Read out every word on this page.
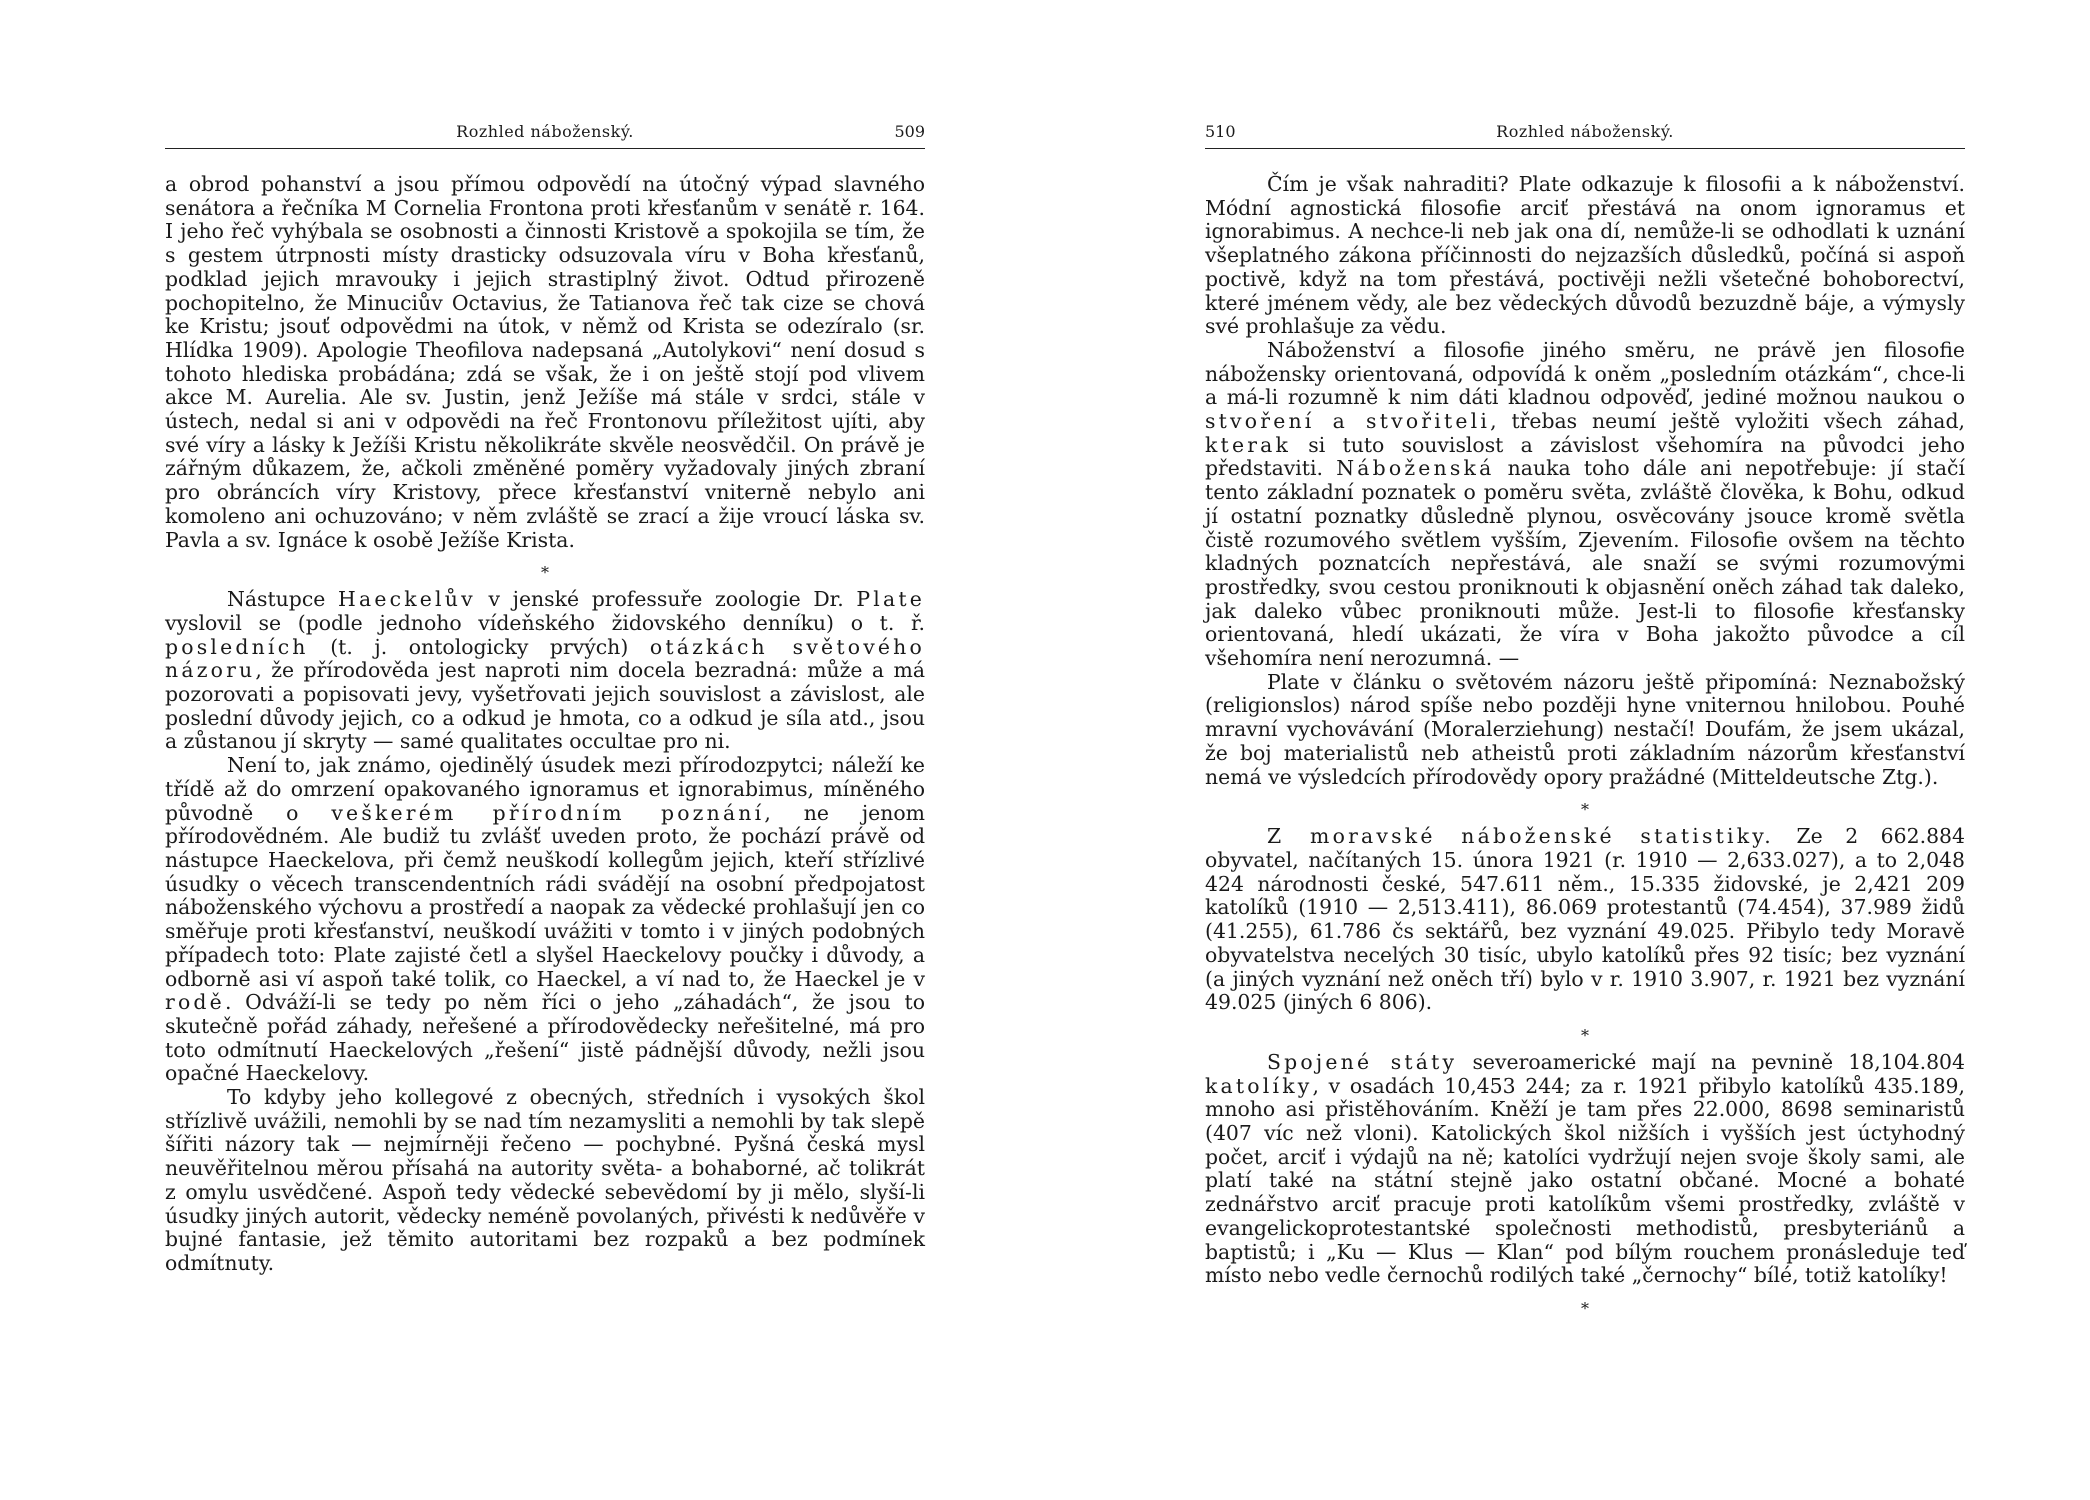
Rozhled náboženský.	509

a obrod pohanství a jsou přímou odpovědí na útočný výpad slavného senátora a řečníka M Cornelia Frontona proti křesťanům v senátě r. 164. I jeho řeč vyhýbala se osobnosti a činnosti Kristově a spokojila se tím, že s gestem útrpnosti místy drasticky odsuzovala víru v Boha křesťanů, podklad jejich mravouky i jejich strastiplný život. Odtud přirozeně pochopitelno, že Minuciův Octavius, že Tatianova řeč tak cize se chová ke Kristu; jsouť odpovědmi na útok, v němž od Krista se odezíralo (sr. Hlídka 1909). Apologie Theofilova nadepsaná „Autolykovi“ není dosud s tohoto hlediska probádána; zdá se však, že i on ještě stojí pod vlivem akce M. Aurelia. Ale sv. Justin, jenž Ježíše má stále v srdci, stále v ústech, nedal si ani v odpovědi na řeč Frontonovu příležitost ujíti, aby své víry a lásky k Ježíši Kristu několikráte skvěle neosvědčil. On právě je zářným důkazem, že, ačkoli změněné poměry vyžadovaly jiných zbraní pro obráncích víry Kristovy, přece křesťanství vniterně nebylo ani komoleno ani ochuzováno; v něm zvláště se zrací a žije vroucí láska sv. Pavla a sv. Ignáce k osobě Ježíše Krista.

*

Nástupce Haeckelův v jenské professuře zoologie Dr. Plate vyslovil se (podle jednoho vídeňského židovského denníku) o t. ř. posledních (t. j. ontologicky prvých) otázkách světového názoru, že přírodověda jest naproti nim docela bezradná: může a má pozorovati a popisovati jevy, vyšetřovati jejich souvislost a závislost, ale poslední důvody jejich, co a odkud je hmota, co a odkud je síla atd., jsou a zůstanou jí skryty — samé qualitates occultae pro ni.

Není to, jak známo, ojedinělý úsudek mezi přírodozpytci; náleží ke třídě až do omrzení opakovaného ignoramus et ignorabimus, míněného původně o veškerém přírodním poznání, ne jenom přírodovědném. Ale budiž tu zvlášť uveden proto, že pochází právě od nástupce Haeckelova, při čemž neuškodí kollegům jejich, kteří střízlivé úsudky o věcech transcendentních rádi svádějí na osobní předpojatost náboženského výchovu a prostředí a naopak za vědecké prohlašují jen co směřuje proti křesťanství, neuškodí uvážiti v tomto i v jiných podobných případech toto: Plate zajisté četl a slyšel Haeckelovy poučky i důvody, a odborně asi ví aspoň také tolik, co Haeckel, a ví nad to, že Haeckel je v rodě. Odváží-li se tedy po něm říci o jeho „záhadách“, že jsou to skutečně pořád záhady, neřešené a přírodovědecky neřešitelné, má pro toto odmítnutí Haeckelových „řešení“ jistě pádnější důvody, nežli jsou opačné Haeckelovy.

To kdyby jeho kollegové z obecných, středních i vysokých škol střízlivě uvážili, nemohli by se nad tím nezamysliti a nemohli by tak slepě šířiti názory tak — nejmírněji řečeno — pochybné. Pyšná česká mysl neuvěřitelnou měrou přísahá na autority světa- a bohaborné, ač tolikrát z omylu usvědčené. Aspoň tedy vědecké sebevědomí by ji mělo, slyší-li úsudky jiných autorit, vědecky neméně povolaných, přivésti k nedůvěře v bujné fantasie, jež těmito autoritami bez rozpaků a bez podmínek odmítnuty.

510	Rozhled náboženský.

Čím je však nahraditi? Plate odkazuje k filosofii a k náboženství. Módní agnostická filosofie arciť přestává na onom ignoramus et ignorabimus. A nechce-li neb jak ona dí, nemůže-li se odhodlati k uznání všeplatného zákona příčinnosti do nejzazších důsledků, počíná si aspoň poctivě, když na tom přestává, poctivěji nežli všetečné bohoborectví, které jménem vědy, ale bez vědeckých důvodů bezuzdně báje, a výmysly své prohlašuje za vědu.

Náboženství a filosofie jiného směru, ne právě jen filosofie nábožensky orientovaná, odpovídá k oněm „posledním otázkám“, chce-li a má-li rozumně k nim dáti kladnou odpověď, jediné možnou naukou o stvoření a stvořiteli, třebas neumí ještě vyložiti všech záhad, kterak si tuto souvislost a závislost všehomíra na původci jeho představiti. Náboženská nauka toho dále ani nepotřebuje: jí stačí tento základní poznatek o poměru světa, zvláště člověka, k Bohu, odkud jí ostatní poznatky důsledně plynou, osvěcovány jsouce kromě světla čistě rozumového světlem vyšším, Zjevením. Filosofie ovšem na těchto kladných poznatcích nepřestává, ale snaží se svými rozumovými prostředky, svou cestou proniknouti k objasnění oněch záhad tak daleko, jak daleko vůbec proniknouti může. Jest-li to filosofie křesťansky orientovaná, hledí ukázati, že víra v Boha jakožto původce a cíl všehomíra není nerozumná. —

Plate v článku o světovém názoru ještě připomíná: Neznabožský (religionslos) národ spíše nebo později hyne vniternou hnilobou. Pouhé mravní vychovávání (Moralerziehung) nestačí! Doufám, že jsem ukázal, že boj materialistů neb atheistů proti základním názorům křesťanství nemá ve výsledcích přírodovědy opory pražádné (Mitteldeutsche Ztg.).

*

Z moravské náboženské statistiky. Ze 2 662.884 obyvatel, načítaných 15. února 1921 (r. 1910 — 2,633.027), a to 2,048 424 národnosti české, 547.611 něm., 15.335 židovské, je 2,421 209 katolíků (1910 — 2,513.411), 86.069 protestantů (74.454), 37.989 židů (41.255), 61.786 čs sektářů, bez vyznání 49.025. Přibylo tedy Moravě obyvatelstva necelých 30 tisíc, ubylo katolíků přes 92 tisíc; bez vyznání (a jiných vyznání než oněch tří) bylo v r. 1910 3.907, r. 1921 bez vyznání 49.025 (jiných 6 806).

*

Spojené státy severoamerické mají na pevnině 18,104.804 katolíky, v osadách 10,453 244; za r. 1921 přibylo katolíků 435.189, mnoho asi přistěhováním. Kněží je tam přes 22.000, 8698 seminaristů (407 víc než vloni). Katolických škol nižších i vyšších jest úctyhodný počet, arciť i výdajů na ně; katolíci vydržují nejen svoje školy sami, ale platí také na státní stejně jako ostatní občané. Mocné a bohaté zednářstvo arciť pracuje proti katolíkům všemi prostředky, zvláště v evangelickoprotestantské společnosti methodistů, presbyteriánů a baptistů; i „Ku — Klus — Klan“ pod bílým rouchem pronásleduje teď místo nebo vedle černochů rodilých také „černochy“ bílé, totiž katolíky!

*
